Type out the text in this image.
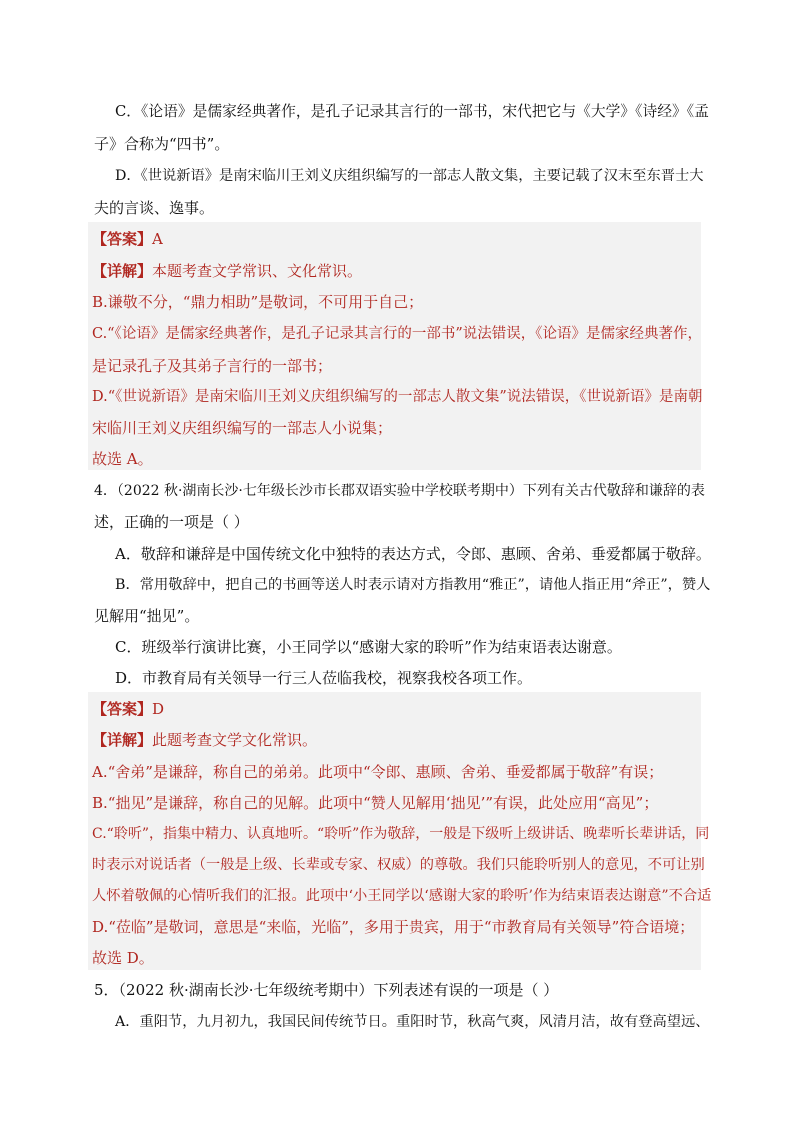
C．《论语》是儒家经典著作，是孔子记录其言行的一部书，宋代把它与《大学》《诗经》《孟
子》合称为“四书”。
D．《世说新语》是南宋临川王刘义庆组织编写的一部志人散文集，主要记载了汉末至东晋士大
夫的言谈、逸事。
【答案】A
【详解】本题考查文学常识、文化常识。
B.谦敬不分，“鼎力相助”是敬词，不可用于自己；
C.“《论语》是儒家经典著作，是孔子记录其言行的一部书”说法错误，《论语》是儒家经典著作，
是记录孔子及其弟子言行的一部书；
D.“《世说新语》是南宋临川王刘义庆组织编写的一部志人散文集”说法错误，《世说新语》是南朝
宋临川王刘义庆组织编写的一部志人小说集；
故选 A。
4．（2022 秋·湖南长沙·七年级长沙市长郡双语实验中学校联考期中）下列有关古代敬辞和谦辞的表
述，正确的一项是（ ）
A．敬辞和谦辞是中国传统文化中独特的表达方式，令郎、惠顾、舍弟、垂爱都属于敬辞。
B．常用敬辞中，把自己的书画等送人时表示请对方指教用“雅正”，请他人指正用“斧正”，赞人
见解用“拙见”。
C．班级举行演讲比赛，小王同学以“感谢大家的聆听”作为结束语表达谢意。
D．市教育局有关领导一行三人莅临我校，视察我校各项工作。
【答案】D
【详解】此题考查文学文化常识。
A.“舍弟”是谦辞，称自己的弟弟。此项中“令郎、惠顾、舍弟、垂爱都属于敬辞”有误；
B.“拙见”是谦辞，称自己的见解。此项中“赞人见解用‘拙见’”有误，此处应用“高见”；
C.“聆听”，指集中精力、认真地听。“聆听”作为敬辞，一般是下级听上级讲话、晚辈听长辈讲话，同
时表示对说话者（一般是上级、长辈或专家、权威）的尊敬。我们只能聆听别人的意见，不可让别
人怀着敬佩的心情听我们的汇报。此项中‘小王同学以‘感谢大家的聆听’作为结束语表达谢意”不合适
D.“莅临”是敬词，意思是“来临，光临”，多用于贵宾，用于“市教育局有关领导”符合语境；
故选 D。
5．（2022 秋·湖南长沙·七年级统考期中）下列表述有误的一项是（ ）
A．重阳节，九月初九，我国民间传统节日。重阳时节，秋高气爽，风清月洁，故有登高望远、
